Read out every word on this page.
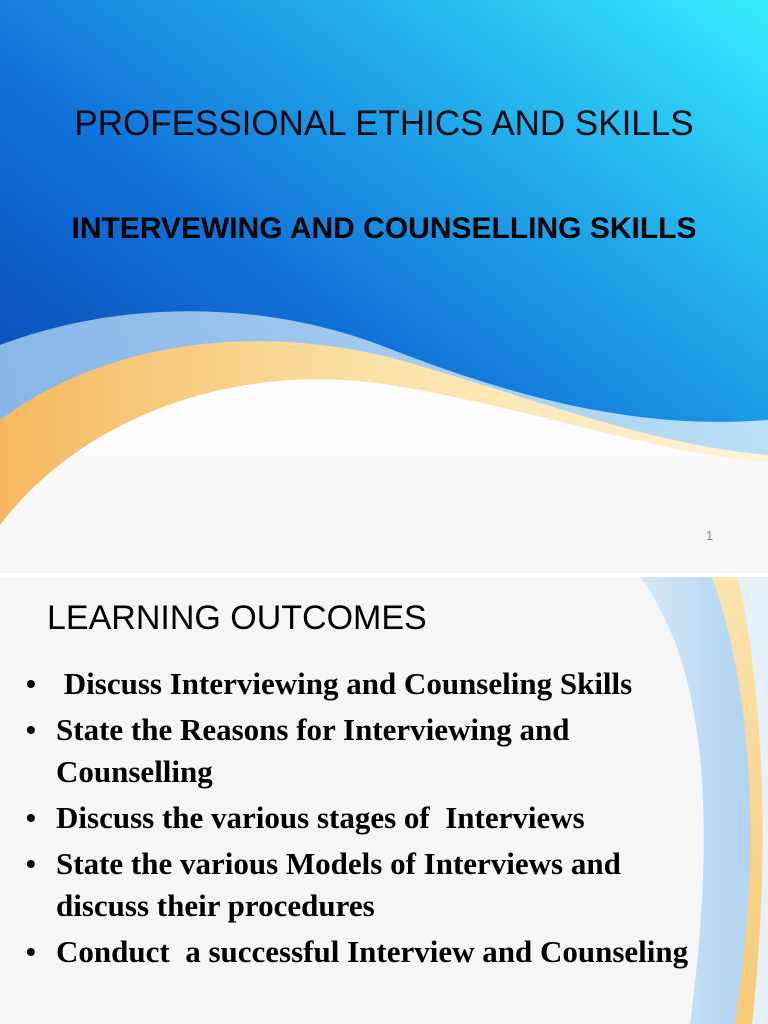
PROFESSIONAL ETHICS AND SKILLS
INTERVEWING AND COUNSELLING SKILLS
1
LEARNING OUTCOMES
• Discuss Interviewing and Counseling Skills
• State the Reasons for Interviewing and Counselling
• Discuss the various stages of  Interviews
• State the various Models of Interviews and discuss their procedures
• Conduct  a successful Interview and Counseling
